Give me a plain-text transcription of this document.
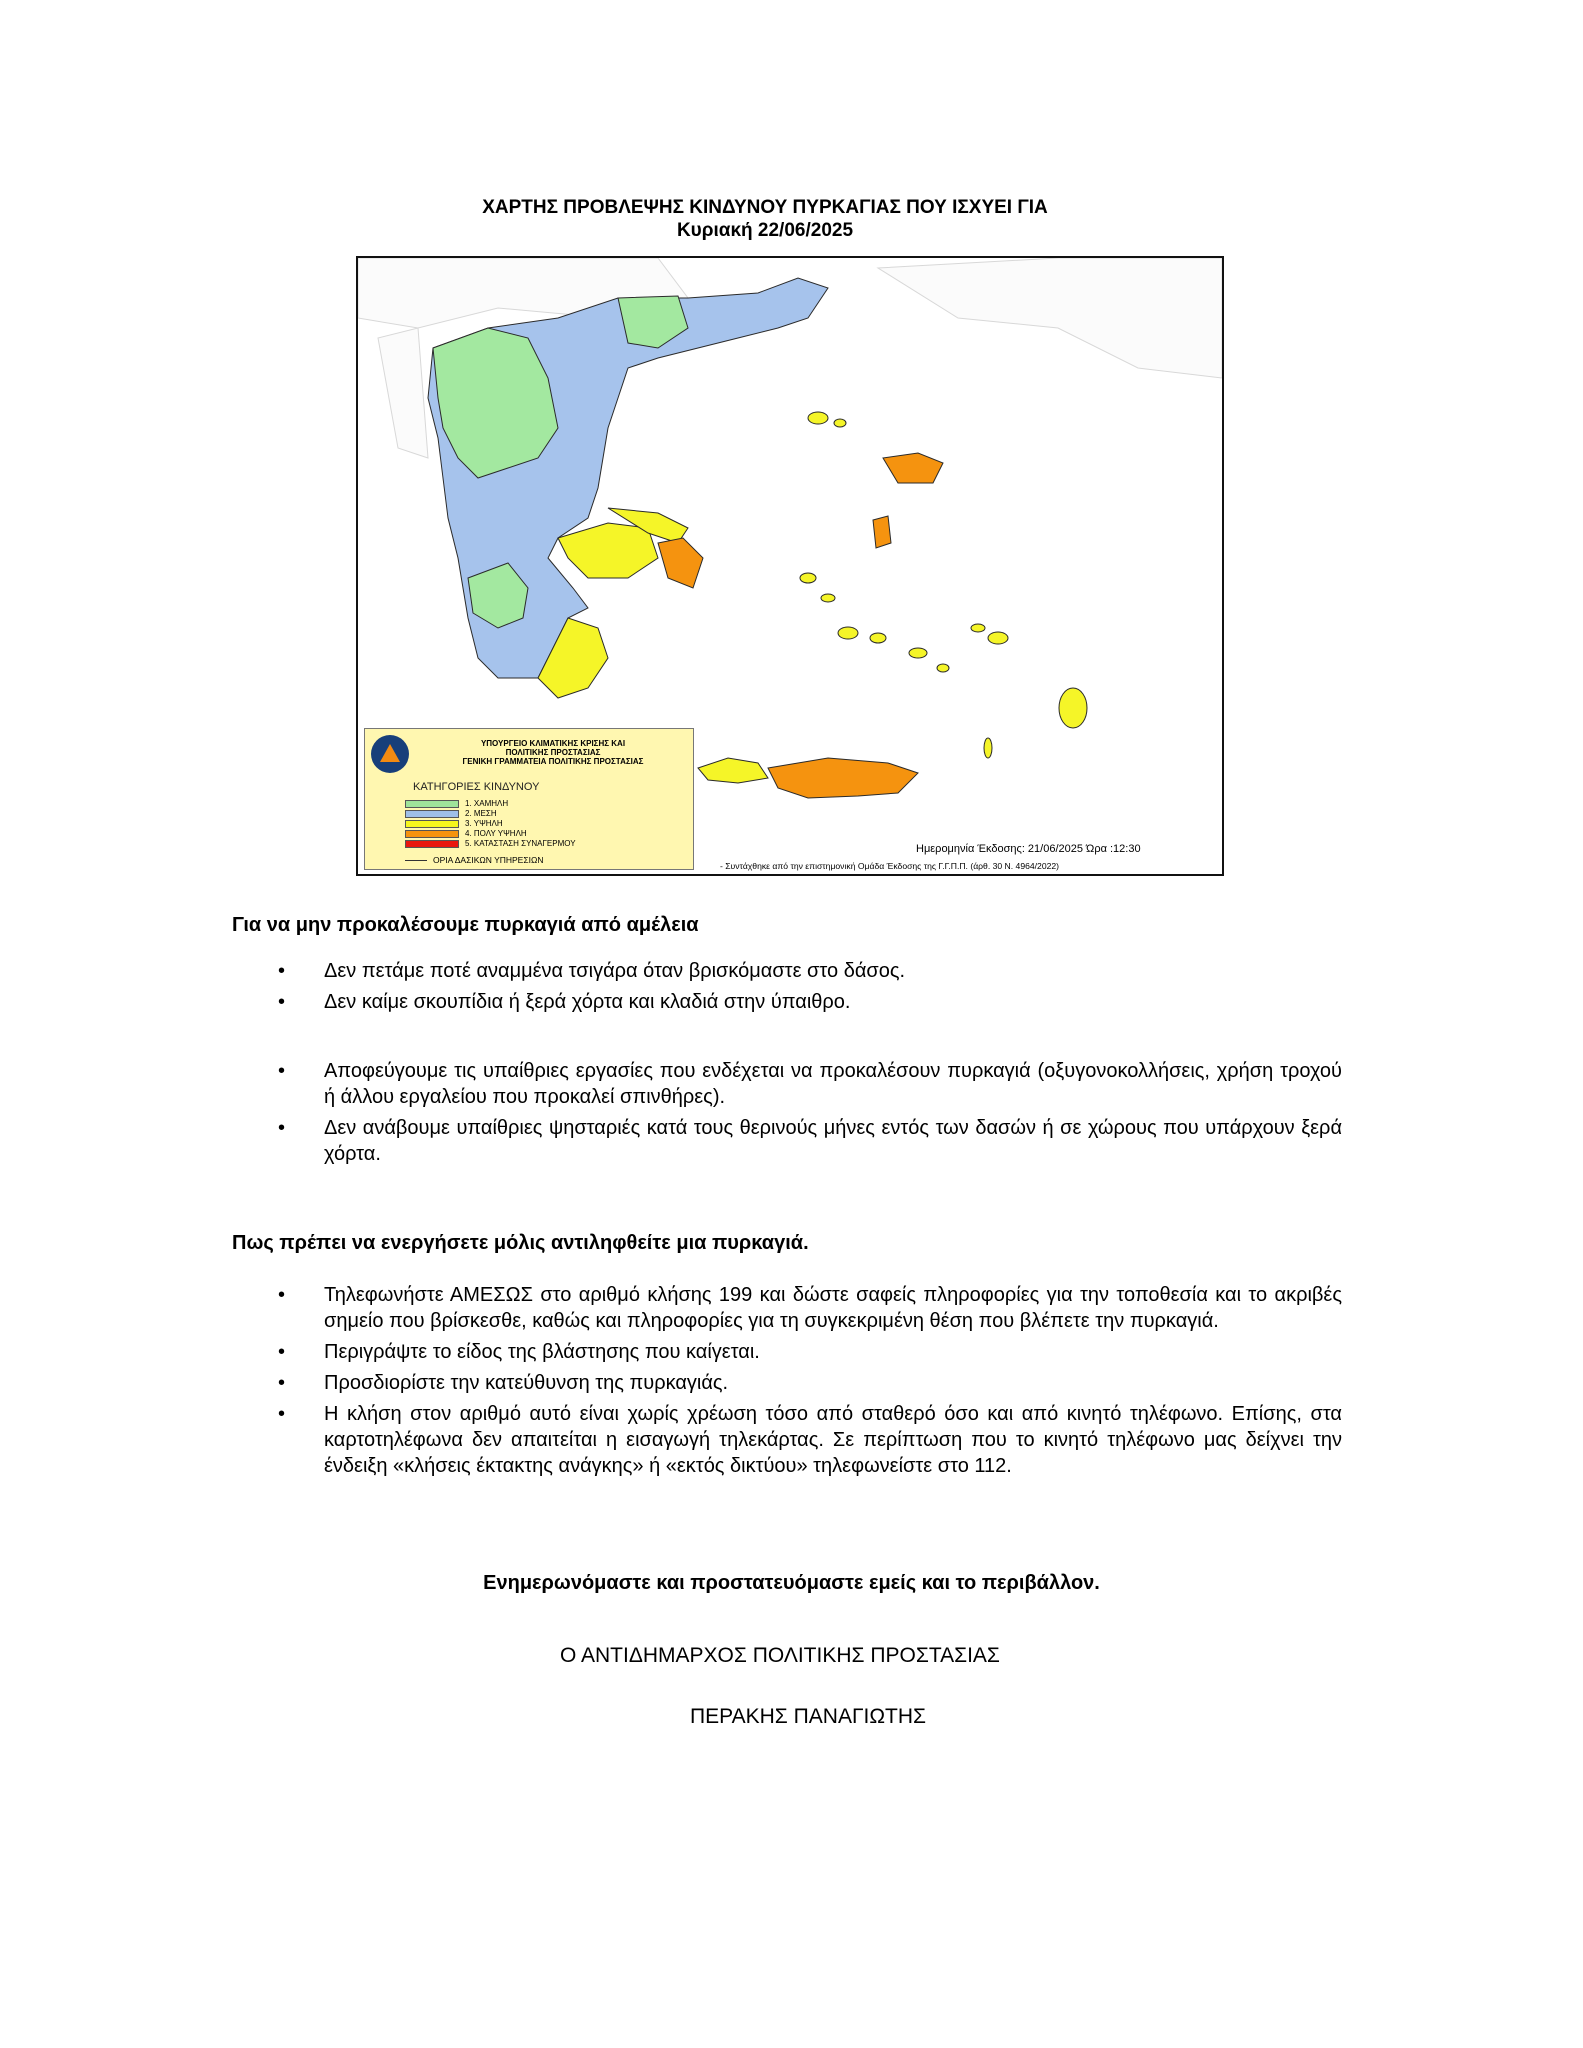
ΧΑΡΤΗΣ ΠΡΟΒΛΕΨΗΣ ΚΙΝΔΥΝΟΥ ΠΥΡΚΑΓΙΑΣ ΠΟΥ ΙΣΧΥΕΙ ΓΙΑ
Κυριακή 22/06/2025
ΥΠΟΥΡΓΕΙΟ ΚΛΙΜΑΤΙΚΗΣ ΚΡΙΣΗΣ ΚΑΙ
ΠΟΛΙΤΙΚΗΣ ΠΡΟΣΤΑΣΙΑΣ
ΓΕΝΙΚΗ ΓΡΑΜΜΑΤΕΙΑ ΠΟΛΙΤΙΚΗΣ ΠΡΟΣΤΑΣΙΑΣ
ΚΑΤΗΓΟΡΙΕΣ ΚΙΝΔΥΝΟΥ
1. ΧΑΜΗΛΗ
2. ΜΕΣΗ
3. ΥΨΗΛΗ
4. ΠΟΛΥ ΥΨΗΛΗ
5. ΚΑΤΑΣΤΑΣΗ ΣΥΝΑΓΕΡΜΟΥ
ΟΡΙΑ ΔΑΣΙΚΩΝ ΥΠΗΡΕΣΙΩΝ
Ημερομηνία Έκδοσης: 21/06/2025 Ώρα :12:30
- Συντάχθηκε από την επιστημονική Ομάδα Έκδοσης της Γ.Γ.Π.Π. (άρθ. 30 Ν. 4964/2022)
Για να μην προκαλέσουμε πυρκαγιά από αμέλεια
• Δεν πετάμε ποτέ αναμμένα τσιγάρα όταν βρισκόμαστε στο δάσος.
• Δεν καίμε σκουπίδια ή ξερά χόρτα και κλαδιά στην ύπαιθρο.
• Αποφεύγουμε τις υπαίθριες εργασίες που ενδέχεται να προκαλέσουν πυρκαγιά (οξυγονοκολλήσεις, χρήση τροχού ή άλλου εργαλείου που προκαλεί σπινθήρες).
• Δεν ανάβουμε υπαίθριες ψησταριές κατά τους θερινούς μήνες εντός των δασών ή σε χώρους που υπάρχουν ξερά χόρτα.
Πως πρέπει να ενεργήσετε μόλις αντιληφθείτε μια πυρκαγιά.
• Τηλεφωνήστε ΑΜΕΣΩΣ στο αριθμό κλήσης 199 και δώστε σαφείς πληροφορίες για την τοποθεσία και το ακριβές σημείο που βρίσκεσθε, καθώς και πληροφορίες για τη συγκεκριμένη θέση που βλέπετε την πυρκαγιά.
• Περιγράψτε το είδος της βλάστησης που καίγεται.
• Προσδιορίστε την κατεύθυνση της πυρκαγιάς.
• Η κλήση στον αριθμό αυτό είναι χωρίς χρέωση τόσο από σταθερό όσο και από κινητό τηλέφωνο. Επίσης, στα καρτοτηλέφωνα δεν απαιτείται η εισαγωγή τηλεκάρτας. Σε περίπτωση που το κινητό τηλέφωνο μας δείχνει την ένδειξη «κλήσεις έκτακτης ανάγκης» ή «εκτός δικτύου» τηλεφωνείστε στο 112.
Ενημερωνόμαστε και προστατευόμαστε εμείς και το περιβάλλον.
Ο ΑΝΤΙΔΗΜΑΡΧΟΣ ΠΟΛΙΤΙΚΗΣ ΠΡΟΣΤΑΣΙΑΣ
ΠΕΡΑΚΗΣ ΠΑΝΑΓΙΩΤΗΣ
